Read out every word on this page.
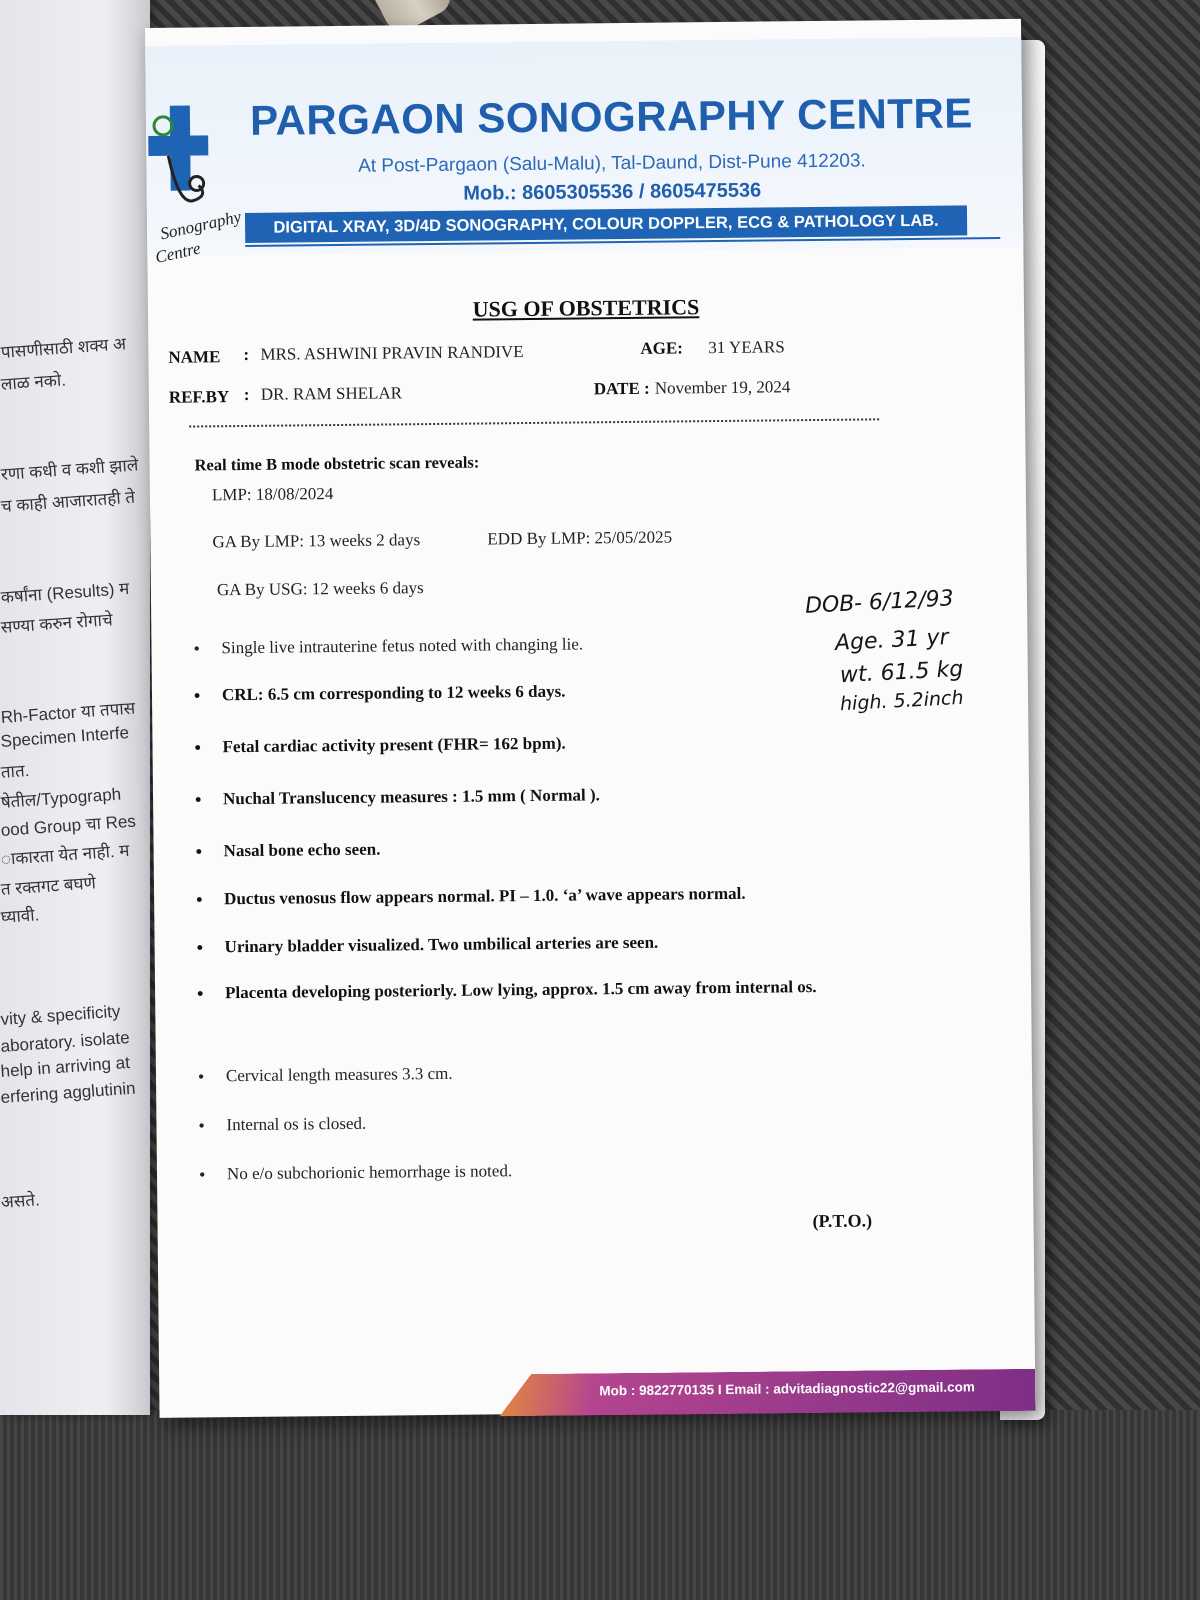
पासणीसाठी शक्य अ
लाळ नको.
रणा कधी व कशी झाले
च काही आजारातही ते
कर्षांना (Results) म
सण्या करुन रोगाचे
Rh-Factor या तपास
Specimen Interfe
तात.
षेतील/Typograph
ood Group चा Res
ाकारता येत नाही. म
त रक्तगट बघणे
घ्यावी.
vity & specificity
aboratory. isolate
help in arriving at
erfering agglutinin
असते.
Sonography
Centre
PARGAON SONOGRAPHY CENTRE
At Post-Pargaon (Salu-Malu), Tal-Daund, Dist-Pune 412203.
Mob.: 8605305536 / 8605475536
DIGITAL XRAY, 3D/4D SONOGRAPHY, COLOUR DOPPLER, ECG & PATHOLOGY LAB.
USG OF OBSTETRICS
NAME : MRS. ASHWINI PRAVIN RANDIVE	AGE: 31 YEARS
REF.BY : DR. RAM SHELAR	DATE : November 19, 2024
Real time B mode obstetric scan reveals:
LMP: 18/08/2024
GA By LMP: 13 weeks 2 days	EDD By LMP: 25/05/2025
GA By USG: 12 weeks 6 days
• Single live intrauterine fetus noted with changing lie.
• CRL: 6.5 cm corresponding to 12 weeks 6 days.
• Fetal cardiac activity present (FHR= 162 bpm).
• Nuchal Translucency measures : 1.5 mm ( Normal ).
• Nasal bone echo seen.
• Ductus venosus flow appears normal. PI – 1.0. ‘a’ wave appears normal.
• Urinary bladder visualized. Two umbilical arteries are seen.
• Placenta developing posteriorly. Low lying, approx. 1.5 cm away from internal os.
• Cervical length measures 3.3 cm.
• Internal os is closed.
• No e/o subchorionic hemorrhage is noted.
(P.T.O.)
Mob : 9822770135 I Email : advitadiagnostic22@gmail.com
DOB- 6/12/93
Age. 31 yr
wt. 61.5 kg
high. 5.2inch
